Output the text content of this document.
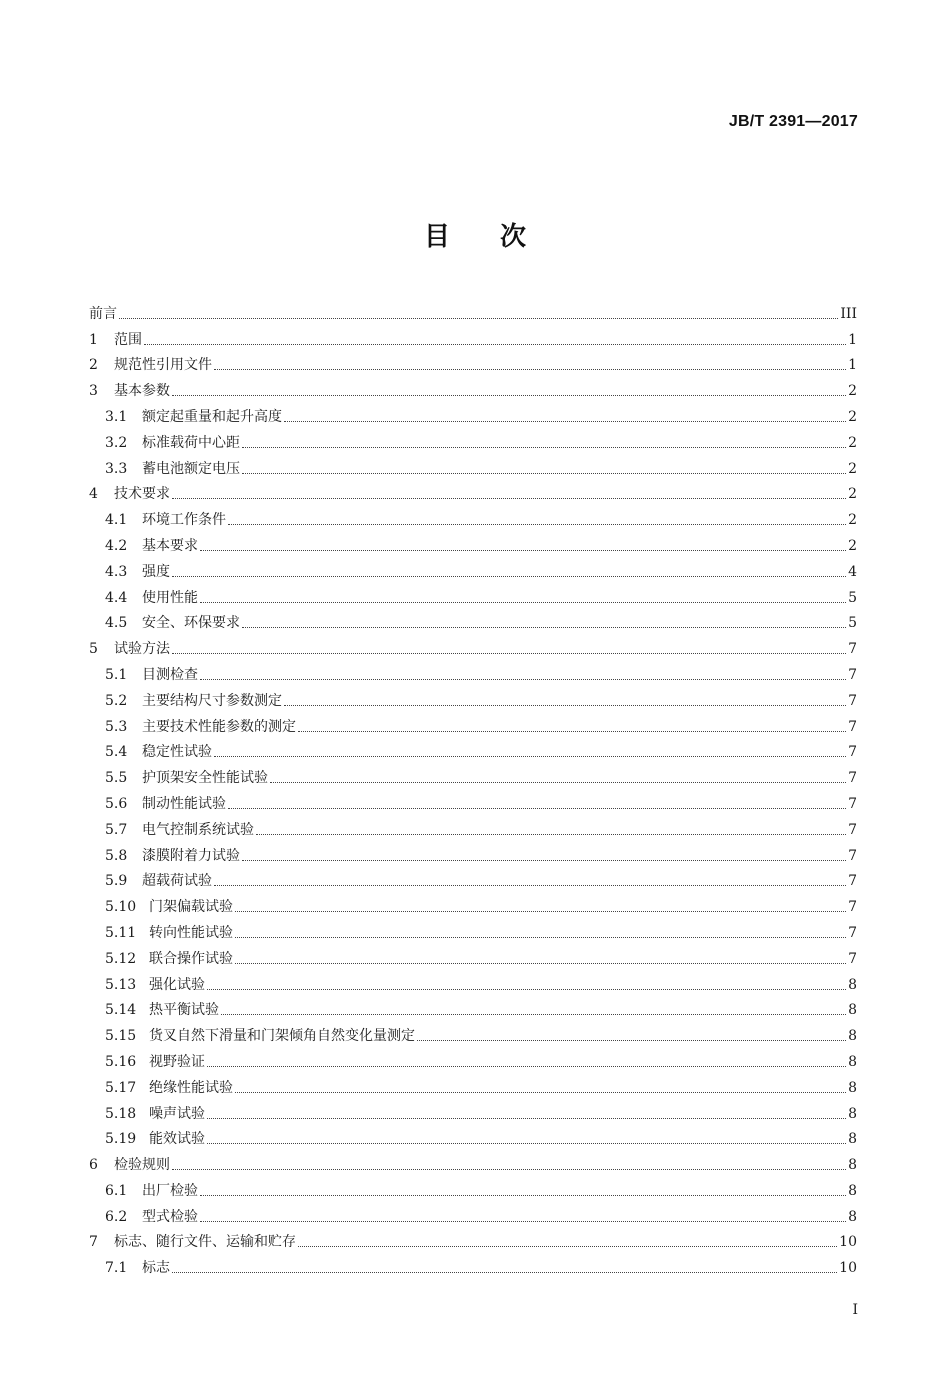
JB/T 2391—2017
目 次
前言	III
1	范围	1
2	规范性引用文件	1
3	基本参数	2
3.1	额定起重量和起升高度	2
3.2	标准载荷中心距	2
3.3	蓄电池额定电压	2
4	技术要求	2
4.1	环境工作条件	2
4.2	基本要求	2
4.3	强度	4
4.4	使用性能	5
4.5	安全、环保要求	5
5	试验方法	7
5.1	目测检查	7
5.2	主要结构尺寸参数测定	7
5.3	主要技术性能参数的测定	7
5.4	稳定性试验	7
5.5	护顶架安全性能试验	7
5.6	制动性能试验	7
5.7	电气控制系统试验	7
5.8	漆膜附着力试验	7
5.9	超载荷试验	7
5.10 门架偏载试验	7
5.11 转向性能试验	7
5.12 联合操作试验	7
5.13 强化试验	8
5.14 热平衡试验	8
5.15 货叉自然下滑量和门架倾角自然变化量测定	8
5.16 视野验证	8
5.17 绝缘性能试验	8
5.18 噪声试验	8
5.19 能效试验	8
6	检验规则	8
6.1	出厂检验	8
6.2	型式检验	8
7	标志、随行文件、运输和贮存	10
7.1	标志	10
I
